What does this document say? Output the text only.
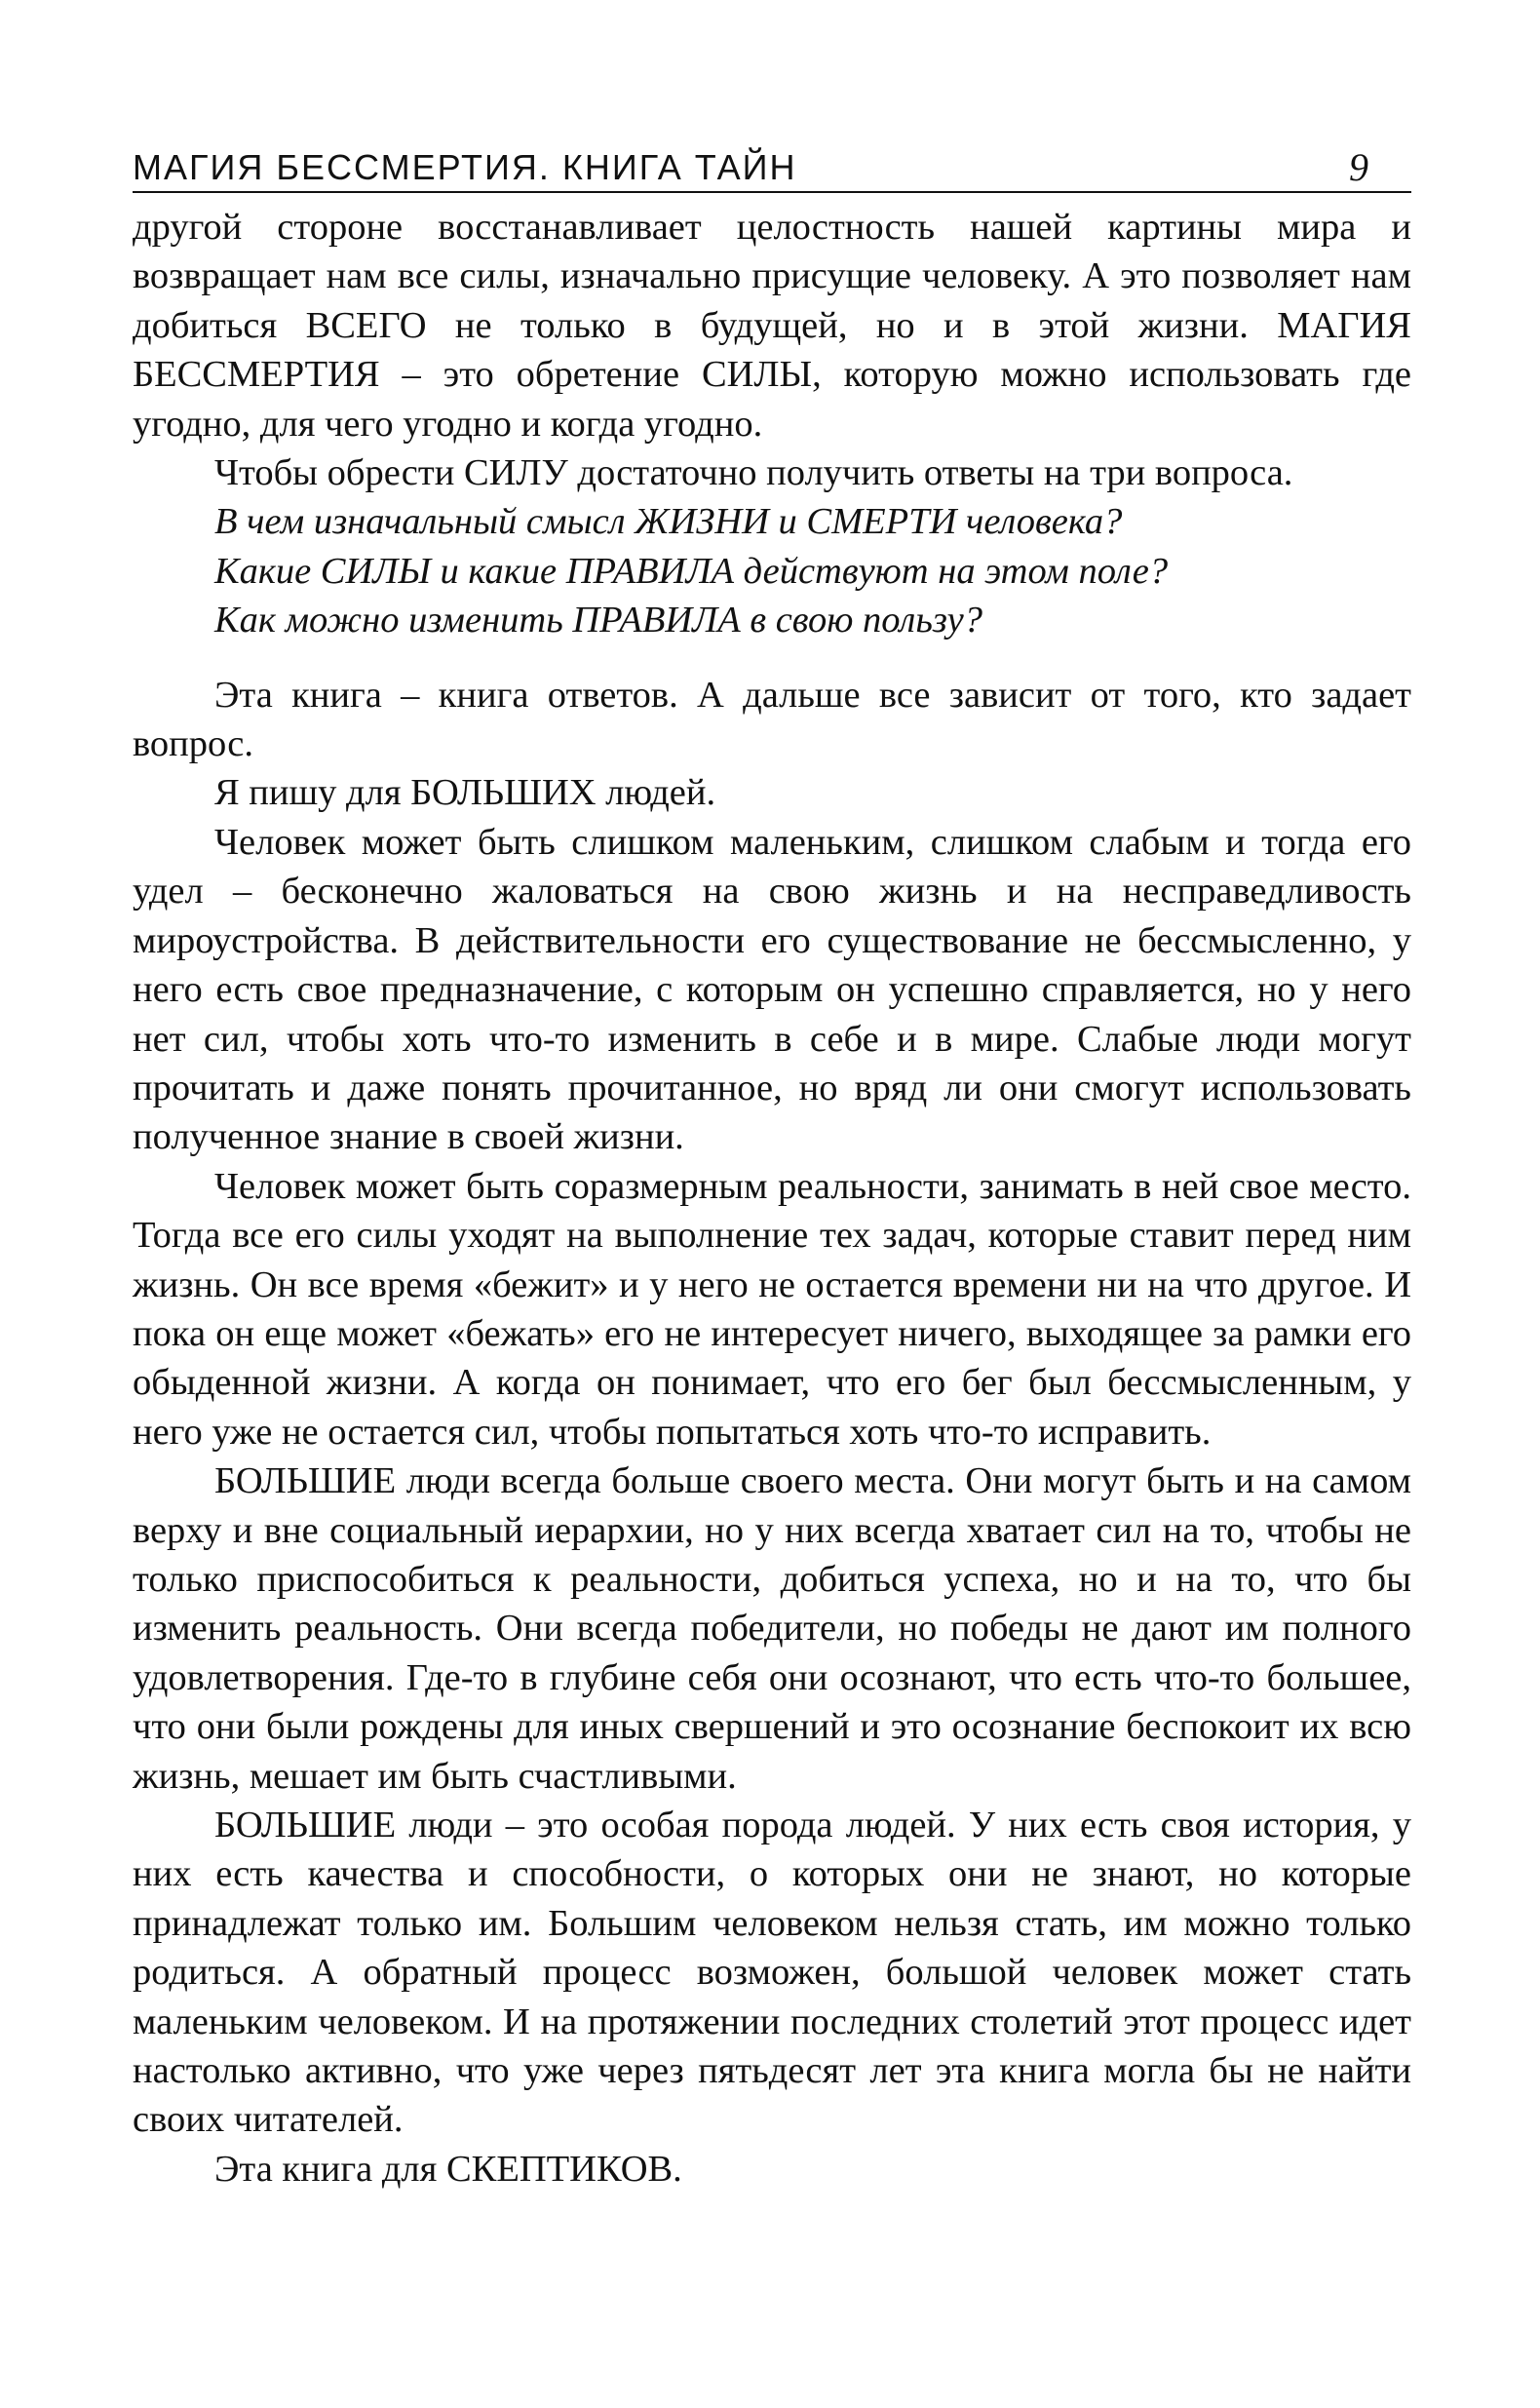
МАГИЯ БЕССМЕРТИЯ. КНИГА ТАЙН	9

другой стороне восстанавливает целостность нашей картины мира и возвращает нам все силы, изначально присущие человеку. А это позволяет нам добиться ВСЕГО не только в будущей, но и в этой жизни. МАГИЯ БЕССМЕРТИЯ – это обретение СИЛЫ, которую можно использовать где угодно, для чего угодно и когда угодно.

Чтобы обрести СИЛУ достаточно получить ответы на три вопроса.

В чем изначальный смысл ЖИЗНИ и СМЕРТИ человека?

Какие СИЛЫ и какие ПРАВИЛА действуют на этом поле?

Как можно изменить ПРАВИЛА в свою пользу?

Эта книга – книга ответов. А дальше все зависит от того, кто задает вопрос.

Я пишу для БОЛЬШИХ людей.

Человек может быть слишком маленьким, слишком слабым и тогда его удел – бесконечно жаловаться на свою жизнь и на несправедливость мироустройства. В действительности его существование не бессмысленно, у него есть свое предназначение, с которым он успешно справляется, но у него нет сил, чтобы хоть что-то изменить в себе и в мире. Слабые люди могут прочитать и даже понять прочитанное, но вряд ли они смогут использовать полученное знание в своей жизни.

Человек может быть соразмерным реальности, занимать в ней свое место. Тогда все его силы уходят на выполнение тех задач, которые ставит перед ним жизнь. Он все время «бежит» и у него не остается времени ни на что другое. И пока он еще может «бежать» его не интересует ничего, выходящее за рамки его обыденной жизни. А когда он понимает, что его бег был бессмысленным, у него уже не остается сил, чтобы попытаться хоть что-то исправить.

БОЛЬШИЕ люди всегда больше своего места. Они могут быть и на самом верху и вне социальный иерархии, но у них всегда хватает сил на то, чтобы не только приспособиться к реальности, добиться успеха, но и на то, что бы изменить реальность. Они всегда победители, но победы не дают им полного удовлетворения. Где-то в глубине себя они осознают, что есть что-то большее, что они были рождены для иных свершений и это осознание беспокоит их всю жизнь, мешает им быть счастливыми.

БОЛЬШИЕ люди – это особая порода людей. У них есть своя история, у них есть качества и способности, о которых они не знают, но которые принадлежат только им. Большим человеком нельзя стать, им можно только родиться. А обратный процесс возможен, большой человек может стать маленьким человеком. И на протяжении последних столетий этот процесс идет настолько активно, что уже через пятьдесят лет эта книга могла бы не найти своих читателей.

Эта книга для СКЕПТИКОВ.
